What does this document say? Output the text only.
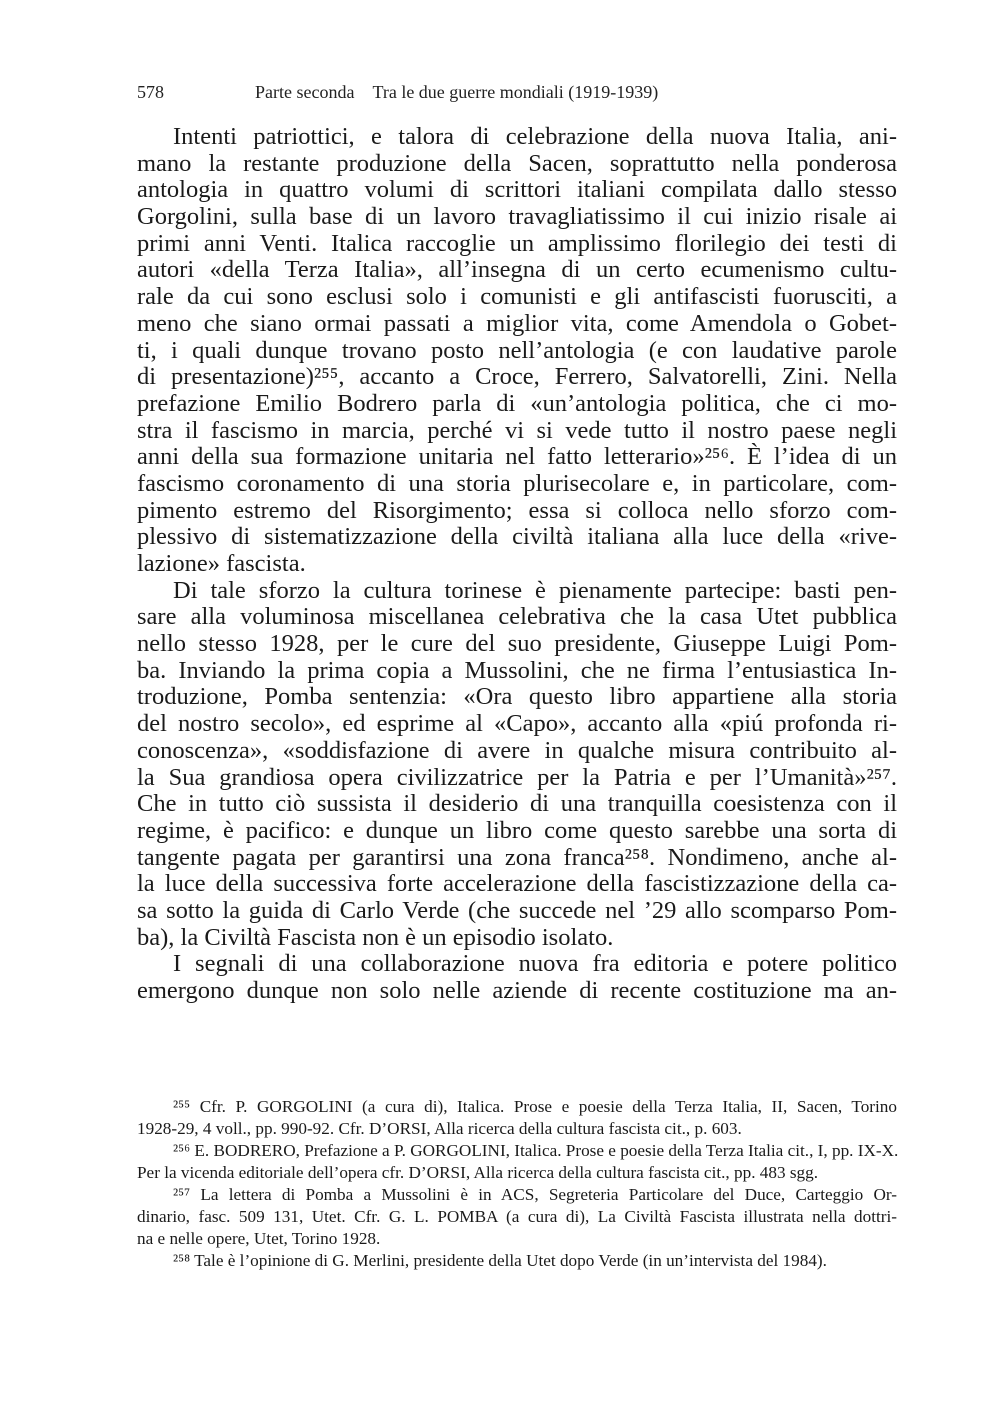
578	Parte seconda Tra le due guerre mondiali (1919-1939)
Intenti patriottici, e talora di celebrazione della nuova Italia, ani-
mano la restante produzione della Sacen, soprattutto nella ponderosa
antologia in quattro volumi di scrittori italiani compilata dallo stesso
Gorgolini, sulla base di un lavoro travagliatissimo il cui inizio risale ai
primi anni Venti. Italica raccoglie un amplissimo florilegio dei testi di
autori «della Terza Italia», all’insegna di un certo ecumenismo cultu-
rale da cui sono esclusi solo i comunisti e gli antifascisti fuorusciti, a
meno che siano ormai passati a miglior vita, come Amendola o Gobet-
ti, i quali dunque trovano posto nell’antologia (e con laudative parole
di presentazione)²⁵⁵, accanto a Croce, Ferrero, Salvatorelli, Zini. Nella
prefazione Emilio Bodrero parla di «un’antologia politica, che ci mo-
stra il fascismo in marcia, perché vi si vede tutto il nostro paese negli
anni della sua formazione unitaria nel fatto letterario»²⁵⁶. È l’idea di un
fascismo coronamento di una storia plurisecolare e, in particolare, com-
pimento estremo del Risorgimento; essa si colloca nello sforzo com-
plessivo di sistematizzazione della civiltà italiana alla luce della «rive-
lazione» fascista.
Di tale sforzo la cultura torinese è pienamente partecipe: basti pen-
sare alla voluminosa miscellanea celebrativa che la casa Utet pubblica
nello stesso 1928, per le cure del suo presidente, Giuseppe Luigi Pom-
ba. Inviando la prima copia a Mussolini, che ne firma l’entusiastica In-
troduzione, Pomba sentenzia: «Ora questo libro appartiene alla storia
del nostro secolo», ed esprime al «Capo», accanto alla «piú profonda ri-
conoscenza», «soddisfazione di avere in qualche misura contribuito al-
la Sua grandiosa opera civilizzatrice per la Patria e per l’Umanità»²⁵⁷.
Che in tutto ciò sussista il desiderio di una tranquilla coesistenza con il
regime, è pacifico: e dunque un libro come questo sarebbe una sorta di
tangente pagata per garantirsi una zona franca²⁵⁸. Nondimeno, anche al-
la luce della successiva forte accelerazione della fascistizzazione della ca-
sa sotto la guida di Carlo Verde (che succede nel ’29 allo scomparso Pom-
ba), la Civiltà Fascista non è un episodio isolato.
I segnali di una collaborazione nuova fra editoria e potere politico
emergono dunque non solo nelle aziende di recente costituzione ma an-
²⁵⁵ Cfr. P. GORGOLINI (a cura di), Italica. Prose e poesie della Terza Italia, II, Sacen, Torino
1928-29, 4 voll., pp. 990-92. Cfr. D’ORSI, Alla ricerca della cultura fascista cit., p. 603.
²⁵⁶ E. BODRERO, Prefazione a P. GORGOLINI, Italica. Prose e poesie della Terza Italia cit., I, pp. IX-X.
Per la vicenda editoriale dell’opera cfr. D’ORSI, Alla ricerca della cultura fascista cit., pp. 483 sgg.
²⁵⁷ La lettera di Pomba a Mussolini è in ACS, Segreteria Particolare del Duce, Carteggio Or-
dinario, fasc. 509 131, Utet. Cfr. G. L. POMBA (a cura di), La Civiltà Fascista illustrata nella dottri-
na e nelle opere, Utet, Torino 1928.
²⁵⁸ Tale è l’opinione di G. Merlini, presidente della Utet dopo Verde (in un’intervista del 1984).
